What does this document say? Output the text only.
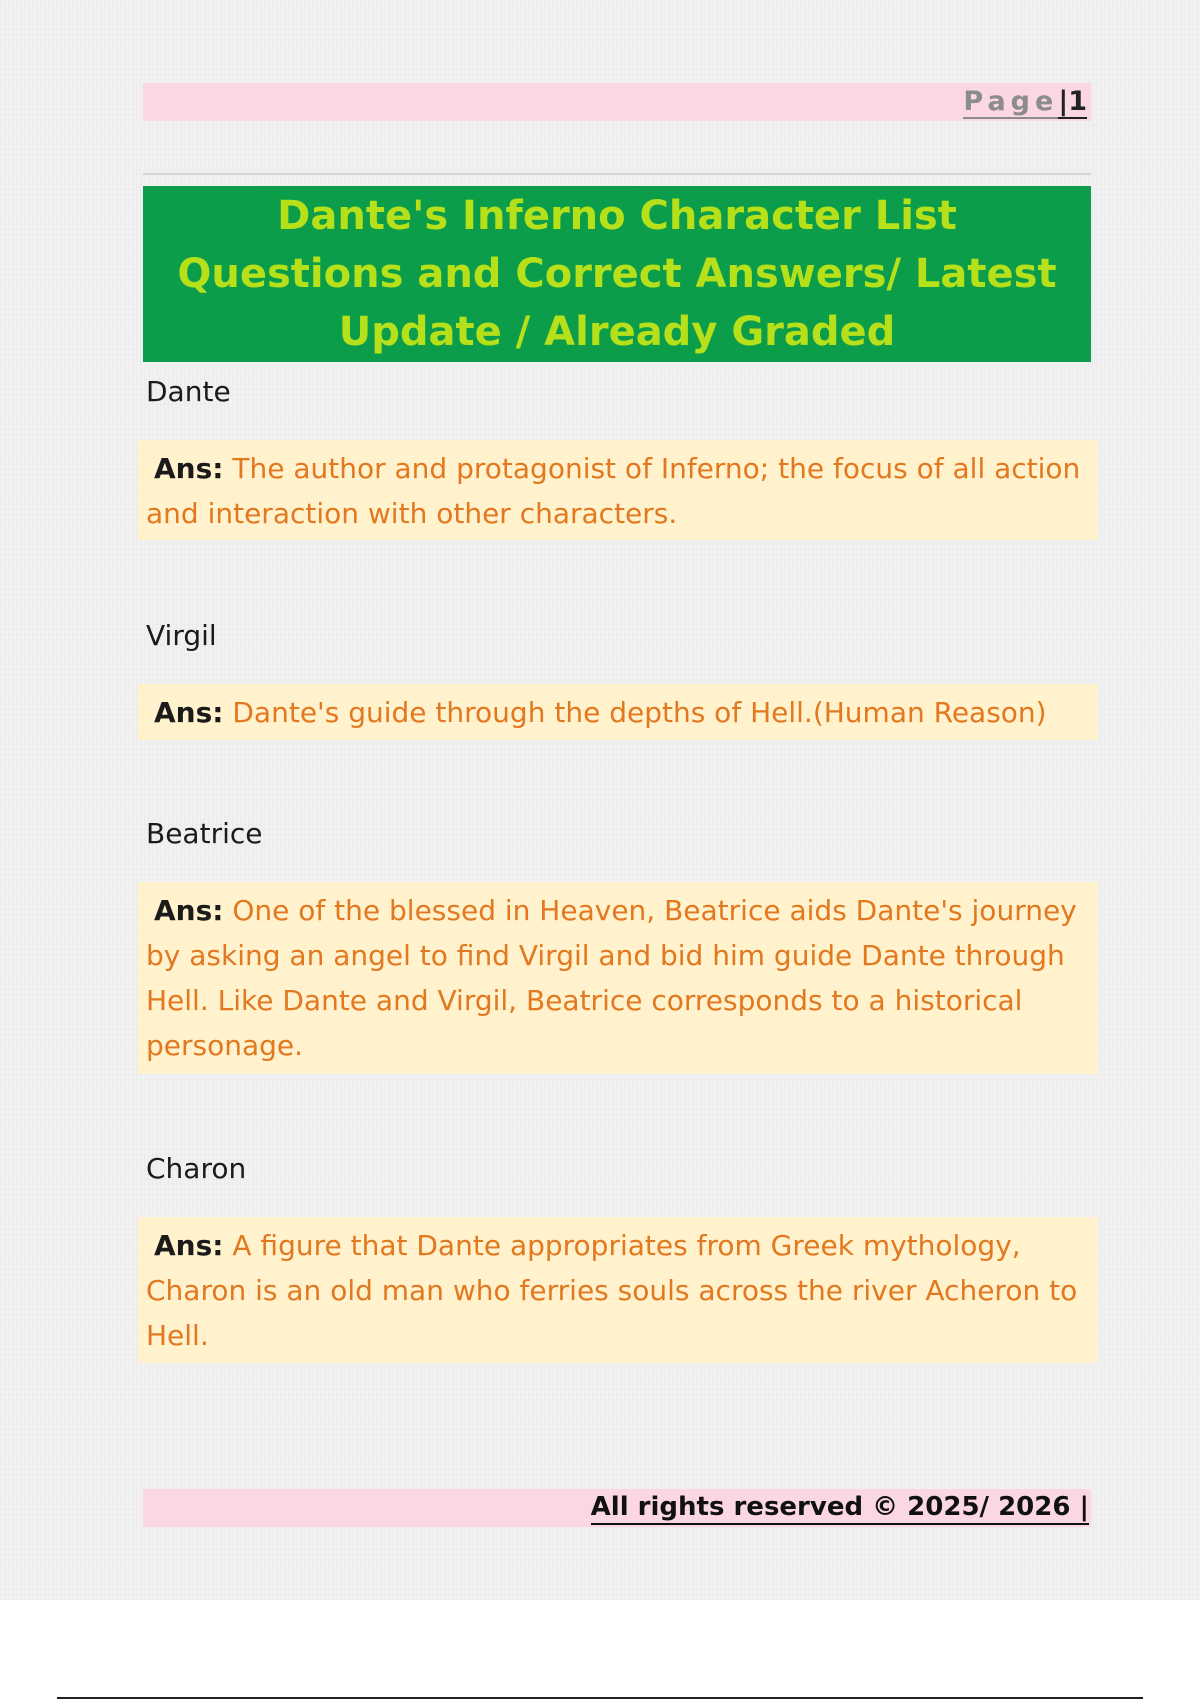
Page|1
Dante's Inferno Character List Questions and Correct Answers/ Latest Update / Already Graded
Dante
Ans: The author and protagonist of Inferno; the focus of all action and interaction with other characters.
Virgil
Ans: Dante's guide through the depths of Hell.(Human Reason)
Beatrice
Ans: One of the blessed in Heaven, Beatrice aids Dante's journey by asking an angel to find Virgil and bid him guide Dante through Hell. Like Dante and Virgil, Beatrice corresponds to a historical personage.
Charon
Ans: A figure that Dante appropriates from Greek mythology, Charon is an old man who ferries souls across the river Acheron to Hell.
All rights reserved © 2025/ 2026 |
